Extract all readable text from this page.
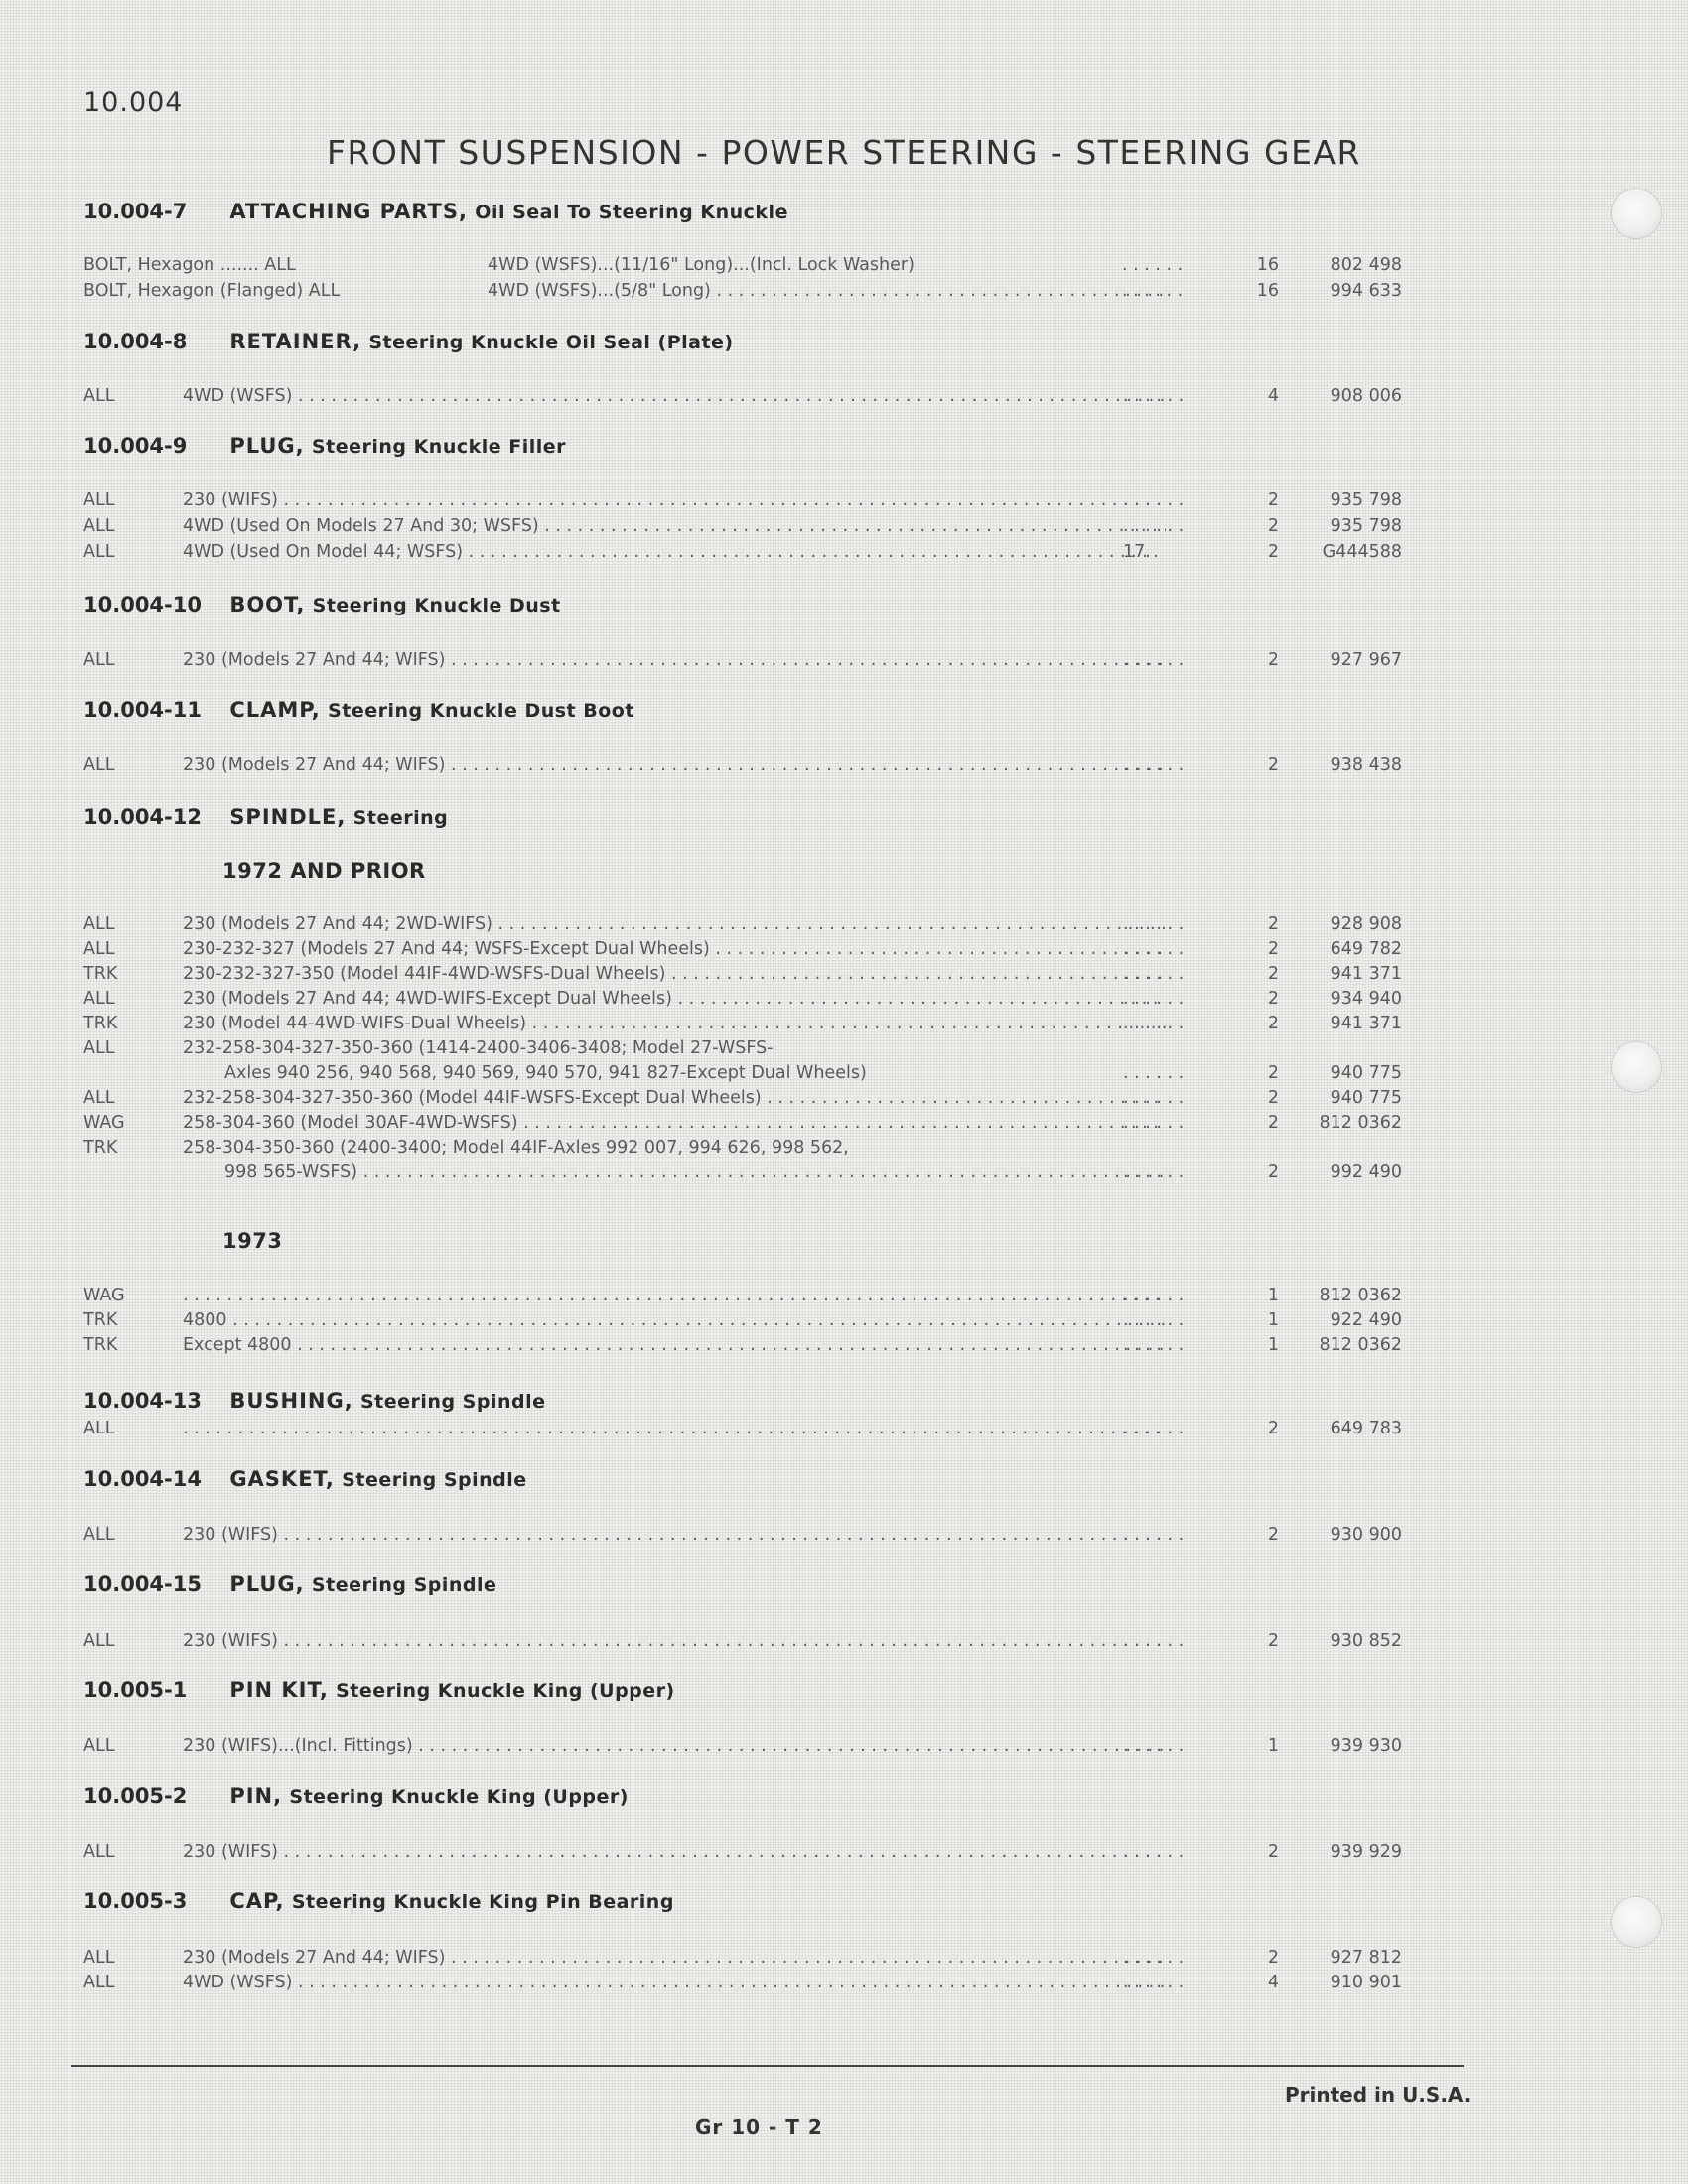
10.004
FRONT SUSPENSION - POWER STEERING - STEERING GEAR
10.004-7 ATTACHING PARTS, Oil Seal To Steering Knuckle
BOLT, Hexagon ....... ALL	4WD (WSFS)...(11/16" Long)...(Incl. Lock Washer)	. . . . . .	16	802 498
BOLT, Hexagon (Flanged) ALL	4WD (WSFS)...(5/8" Long) . . .	. . . . . .	16	994 633
10.004-8 RETAINER, Steering Knuckle Oil Seal (Plate)
ALL	4WD (WSFS) . . .	. . . . . .	4	908 006
10.004-9 PLUG, Steering Knuckle Filler
ALL	230 (WIFS) . . .	. . . . . .	2	935 798
ALL	4WD (Used On Models 27 And 30; WSFS) . . .	. . . . . .	2	935 798
ALL	4WD (Used On Model 44; WSFS) . . .	17.	2	G444588
10.004-10 BOOT, Steering Knuckle Dust
ALL	230 (Models 27 And 44; WIFS) . . .	. . . . . .	2	927 967
10.004-11 CLAMP, Steering Knuckle Dust Boot
ALL	230 (Models 27 And 44; WIFS) . . .	. . . . . .	2	938 438
10.004-12 SPINDLE, Steering
1972 AND PRIOR
ALL	230 (Models 27 And 44; 2WD-WIFS) . . .	. . . . . .	2	928 908
ALL	230-232-327 (Models 27 And 44; WSFS-Except Dual Wheels) . . .	. . . . . .	2	649 782
TRK	230-232-327-350 (Model 44IF-4WD-WSFS-Dual Wheels) . . .	. . . . . .	2	941 371
ALL	230 (Models 27 And 44; 4WD-WIFS-Except Dual Wheels) . . .	. . . . . .	2	934 940
TRK	230 (Model 44-4WD-WIFS-Dual Wheels) . . .	. . . . . .	2	941 371
ALL	232-258-304-327-350-360 (1414-2400-3406-3408; Model 27-WSFS-
Axles 940 256, 940 568, 940 569, 940 570, 941 827-Except Dual Wheels)	. . . . . .	2	940 775
ALL	232-258-304-327-350-360 (Model 44IF-WSFS-Except Dual Wheels) . . .	. . . . . .	2	940 775
WAG	258-304-360 (Model 30AF-4WD-WSFS) . . .	. . . . . .	2	812 0362
TRK	258-304-350-360 (2400-3400; Model 44IF-Axles 992 007, 994 626, 998 562,
998 565-WSFS) . . .	. . . . . .	2	992 490
1973
WAG . . .	. . . . . .	1	812 0362
TRK	4800 . . .	. . . . . .	1	922 490
TRK	Except 4800 . . .	. . . . . .	1	812 0362
10.004-13 BUSHING, Steering Spindle
ALL . . .	. . . . . .	2	649 783
10.004-14 GASKET, Steering Spindle
ALL	230 (WIFS) . . .	. . . . . .	2	930 900
10.004-15 PLUG, Steering Spindle
ALL	230 (WIFS) . . .	. . . . . .	2	930 852
10.005-1 PIN KIT, Steering Knuckle King (Upper)
ALL	230 (WIFS)...(Incl. Fittings) . . .	. . . . . .	1	939 930
10.005-2 PIN, Steering Knuckle King (Upper)
ALL	230 (WIFS) . . .	. . . . . .	2	939 929
10.005-3 CAP, Steering Knuckle King Pin Bearing
ALL	230 (Models 27 And 44; WIFS) . . .	. . . . . .	2	927 812
ALL	4WD (WSFS) . . .	. . . . . .	4	910 901
Printed in U.S.A.
Gr 10 - T 2
